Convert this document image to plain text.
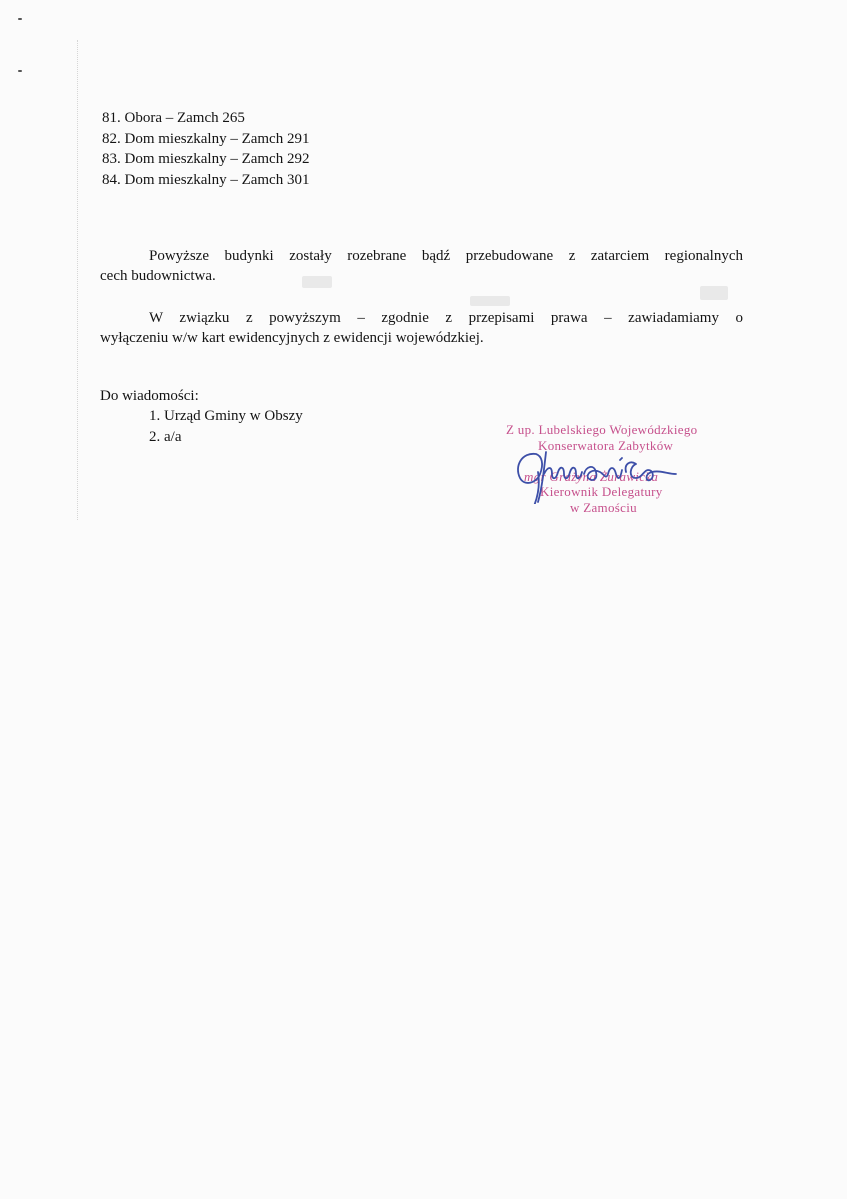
81. Obora – Zamch 265
82. Dom mieszkalny – Zamch 291
83. Dom mieszkalny – Zamch 292
84. Dom mieszkalny – Zamch 301
Powyższe budynki zostały rozebrane bądź przebudowane z zatarciem regionalnych
cech budownictwa.
W związku z powyższym – zgodnie z przepisami prawa – zawiadamiamy o
wyłączeniu w/w kart ewidencyjnych z ewidencji wojewódzkiej.
Do wiadomości:
1. Urząd Gminy w Obszy
2. a/a	Z up. Lubelskiego Wojewódzkiego
Konserwatora Zabytków
mgr Grażyna Żurawicka
Kierownik Delegatury
w Zamościu
